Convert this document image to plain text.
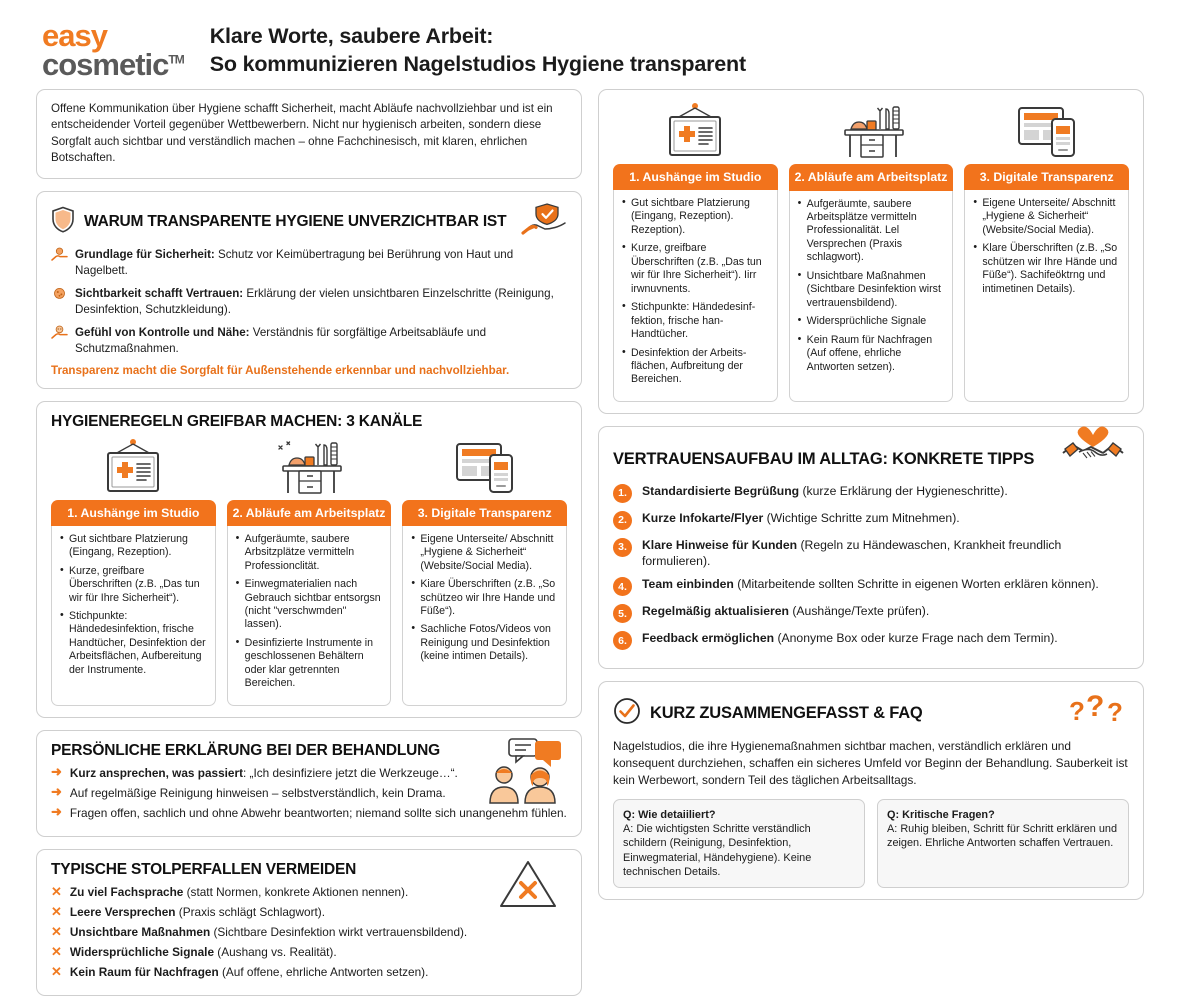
easy
cosmetic™
Klare Worte, saubere Arbeit:
So kommunizieren Nagelstudios Hygiene transparent
Offene Kommunikation über Hygiene schafft Sicherheit, macht Abläufe nachvollziehbar und ist ein entscheidender Vorteil gegenüber Wettbewerbern. Nicht nur hygienisch arbeiten, sondern diese Sorgfalt auch sichtbar und verständlich machen – ohne Fachchinesisch, mit klaren, ehrlichen Botschaften.
WARUM TRANSPARENTE HYGIENE UNVERZICHTBAR IST
Grundlage für Sicherheit: Schutz vor Keimübertragung bei Berührung von Haut und Nagelbett.
Sichtbarkeit schafft Vertrauen: Erklärung der vielen unsichtbaren Einzelschritte (Reinigung, Desinfektion, Schutzkleidung).
Gefühl von Kontrolle und Nähe: Verständnis für sorgfältige Arbeitsabläufe und Schutzmaßnahmen.
Transparenz macht die Sorgfalt für Außenstehende erkennbar und nachvollziehbar.
HYGIENEREGELN GREIFBAR MACHEN: 3 KANÄLE
1. Aushänge im Studio
• Gut sichtbare Platzierung (Eingang, Rezeption).
• Kurze, greifbare Überschriften (z.B. „Das tun wir für Ihre Sicherheit“).
• Stichpunkte: Händedesinfektion, frische Handtücher, Desinfektion der Arbeitsflächen, Aufbereitung der Instrumente.
2. Abläufe am Arbeitsplatz
• Aufgeräumte, saubere Arbsitzplätze vermitteln Professionclität.
• Einwegmaterialien nach Gebrauch sichtbar entsorgsn (nicht "verschwmden" lassen).
• Desinfizierte Instrumente in geschlossenen Behältern oder klar getrennten Bereichen.
3. Digitale Transparenz
• Eigene Unterseite/ Abschnitt „Hygiene & Sicherheit“ (Website/Social Media).
• Kiare Überschriften (z.B. „So schützeo wir Ihre Hande und Füße“).
• Sachliche Fotos/Videos von Reinigung und Desinfektion (keine intimen Details).
PERSÖNLICHE ERKLÄRUNG BEI DER BEHANDLUNG
➜ Kurz ansprechen, was passiert: „Ich desinfiziere jetzt die Werkzeuge…“.
➜ Auf regelmäßige Reinigung hinweisen – selbstverständlich, kein Drama.
➜ Fragen offen, sachlich und ohne Abwehr beantworten; niemand sollte sich unangenehm fühlen.
TYPISCHE STOLPERFALLEN VERMEIDEN
✕ Zu viel Fachsprache (statt Normen, konkrete Aktionen nennen).
✕ Leere Versprechen (Praxis schlägt Schlagwort).
✕ Unsichtbare Maßnahmen (Sichtbare Desinfektion wirkt vertrauensbildend).
✕ Widersprüchliche Signale (Aushang vs. Realität).
✕ Kein Raum für Nachfragen (Auf offene, ehrliche Antworten setzen).
1. Aushänge im Studio
• Gut sichtbare Platzierung (Eingang, Rezeption). Rezeption).
• Kurze, greifbare Überschriften (z.B. „Das tun wir für Ihre Sicherheit“). Iirr irwnuvnents.
• Stichpunkte: Händedesinf- fektion, frische han- Handtücher.
• Desinfektion der Arbeits- flächen, Aufbreitung der Bereichen.
2. Abläufe am Arbeitsplatz
• Aufgeräumte, saubere Arbeitsplätze vermitteln Professionalität. Lel Versprechen (Praxis schlagwort).
• Unsichtbare Maßnahmen (Sichtbare Desinfektion wirst vertrauensbildend).
• Widersprüchliche Signale
• Kein Raum für Nachfragen (Auf offene, ehrliche Antworten setzen).
3. Digitale Transparenz
• Eigene Unterseite/ Abschnitt „Hygiene & Sicherheit“ (Website/Social Media).
• Klare Überschriften (z.B. „So schützen wir Ihre Hände und Füße“). Sachifeöktrng und intimetinen Details).
VERTRAUENSAUFBAU IM ALLTAG: KONKRETE TIPPS
1.	Standardisierte Begrüßung (kurze Erklärung der Hygieneschritte).
2.	Kurze Infokarte/Flyer (Wichtige Schritte zum Mitnehmen).
3.	Klare Hinweise für Kunden (Regeln zu Händewaschen, Krankheit freundlich formulieren).
4.	Team einbinden (Mitarbeitende sollten Schritte in eigenen Worten erklären können).
5.	Regelmäßig aktualisieren (Aushänge/Texte prüfen).
6.	Feedback ermöglichen (Anonyme Box oder kurze Frage nach dem Termin).
KURZ ZUSAMMENGEFASST & FAQ	? ? ?
Nagelstudios, die ihre Hygienemaßnahmen sichtbar machen, verständlich erklären und konsequent durchziehen, schaffen ein sicheres Umfeld vor Beginn der Behandlung. Sauberkeit ist kein Werbewort, sondern Teil des täglichen Arbeitsalltags.
Q: Wie detaiiliert?
A: Die wichtigsten Schritte verständlich schildern (Reinigung, Desinfektion, Einwegmaterial, Händehygiene). Keine technischen Details.
Q: Kritische Fragen?
A: Ruhig bleiben, Schritt für Schritt erklären und zeigen. Ehrliche Antworten schaffen Vertrauen.
